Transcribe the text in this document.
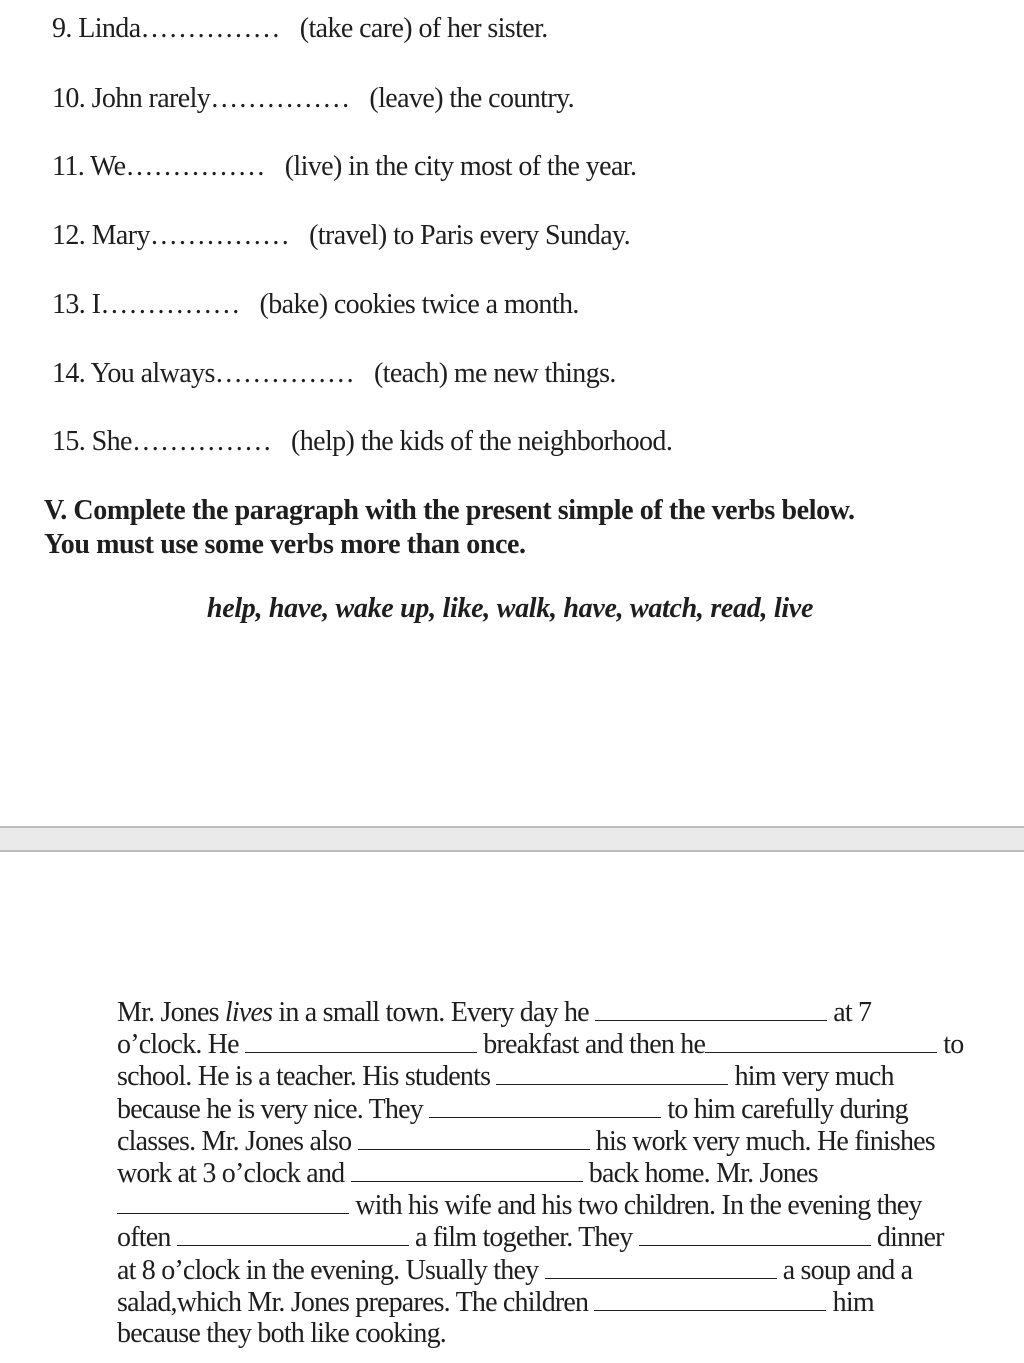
9. Linda…………… (take care) of her sister.
10. John rarely…………… (leave) the country.
11. We…………… (live) in the city most of the year.
12. Mary…………… (travel) to Paris every Sunday.
13. I…………… (bake) cookies twice a month.
14. You always…………… (teach) me new things.
15. She…………… (help) the kids of the neighborhood.
V. Complete the paragraph with the present simple of the verbs below.
You must use some verbs more than once.
help, have, wake up, like, walk, have, watch, read, live
Mr. Jones lives in a small town. Every day he	at 7
o’clock. He	breakfast and then he	to
school. He is a teacher. His students	him very much
because he is very nice. They	to him carefully during
classes. Mr. Jones also	his work very much. He finishes
work at 3 o’clock and	back home. Mr. Jones
with his wife and his two children. In the evening they
often	a film together. They	dinner
at 8 o’clock in the evening. Usually they	a soup and a
salad,which Mr. Jones prepares. The children	him
because they both like cooking.
